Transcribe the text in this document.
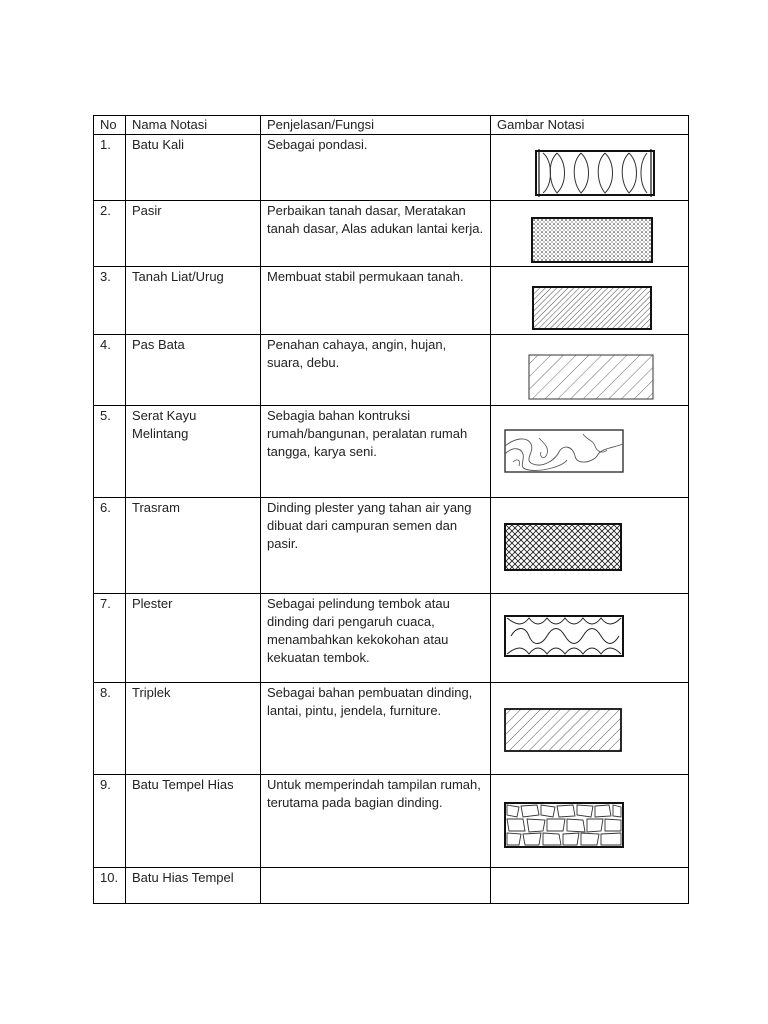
No	Nama Notasi	Penjelasan/Fungsi	Gambar Notasi
1.	Batu Kali	Sebagai pondasi.	

2.	Pasir	Perbaikan tanah dasar, Meratakan tanah dasar, Alas adukan lantai kerja.	

3.	Tanah Liat/Urug	Membuat stabil permukaan tanah.	

4.	Pas Bata	Penahan cahaya, angin, hujan, suara, debu.	

5.	Serat Kayu Melintang	Sebagia bahan kontruksi rumah/bangunan, peralatan rumah tangga, karya seni.	

6.	Trasram	Dinding plester yang tahan air yang dibuat dari campuran semen dan pasir.	

7.	Plester	Sebagai pelindung tembok atau dinding dari pengaruh cuaca, menambahkan kekokohan atau kekuatan tembok.	

8.	Triplek	Sebagai bahan pembuatan dinding, lantai, pintu, jendela, furniture.	

9.	Batu Tempel Hias	Untuk memperindah tampilan rumah, terutama pada bagian dinding.	

10.	Batu Hias Tempel		
